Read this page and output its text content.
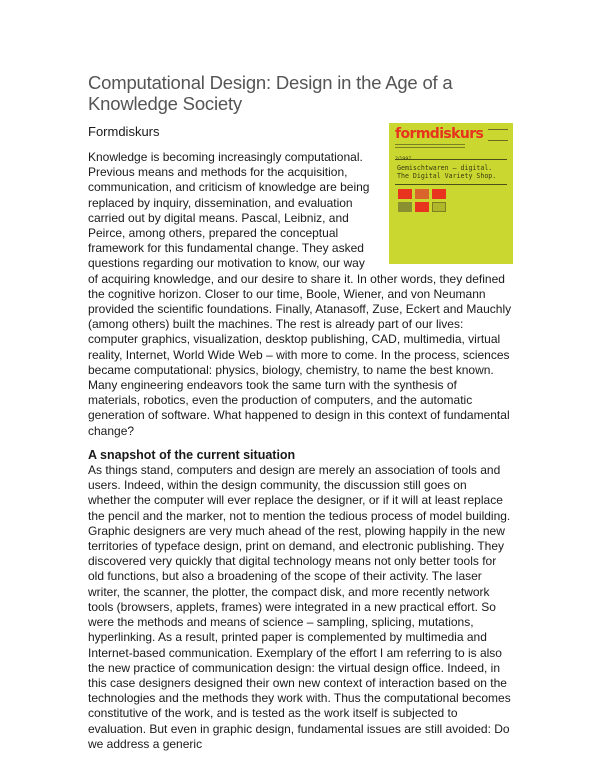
Computational Design: Design in the Age of a Knowledge Society
Formdiskurs	formdiskurs
2/1997
Gemischtwaren – digital.
The Digital Variety Shop.
Knowledge is becoming increasingly computational. Previous means and methods for the acquisition, communication, and criticism of knowledge are being replaced by inquiry, dissemination, and evaluation carried out by digital means. Pascal, Leibniz, and Peirce, among others, prepared the conceptual framework for this fundamental change. They asked questions regarding our motivation to know, our way of acquiring knowledge, and our desire to share it. In other words, they defined the cognitive horizon. Closer to our time, Boole, Wiener, and von Neumann provided the scientific foundations. Finally, Atanasoff, Zuse, Eckert and Mauchly (among others) built the machines. The rest is already part of our lives: computer graphics, visualization, desktop publishing, CAD, multimedia, virtual reality, Internet, World Wide Web – with more to come. In the process, sciences became computational: physics, biology, chemistry, to name the best known. Many engineering endeavors took the same turn with the synthesis of materials, robotics, even the production of computers, and the automatic generation of software. What happened to design in this context of fundamental change?
A snapshot of the current situation
As things stand, computers and design are merely an association of tools and users. Indeed, within the design community, the discussion still goes on whether the computer will ever replace the designer, or if it will at least replace the pencil and the marker, not to mention the tedious process of model building. Graphic designers are very much ahead of the rest, plowing happily in the new territories of typeface design, print on demand, and electronic publishing. They discovered very quickly that digital technology means not only better tools for old functions, but also a broadening of the scope of their activity. The laser writer, the scanner, the plotter, the compact disk, and more recently network tools (browsers, applets, frames) were integrated in a new practical effort. So were the methods and means of science – sampling, splicing, mutations, hyperlinking. As a result, printed paper is complemented by multimedia and Internet-based communication. Exemplary of the effort I am referring to is also the new practice of communication design: the virtual design office. Indeed, in this case designers designed their own new context of interaction based on the technologies and the methods they work with. Thus the computational becomes constitutive of the work, and is tested as the work itself is subjected to evaluation. But even in graphic design, fundamental issues are still avoided: Do we address a generic
